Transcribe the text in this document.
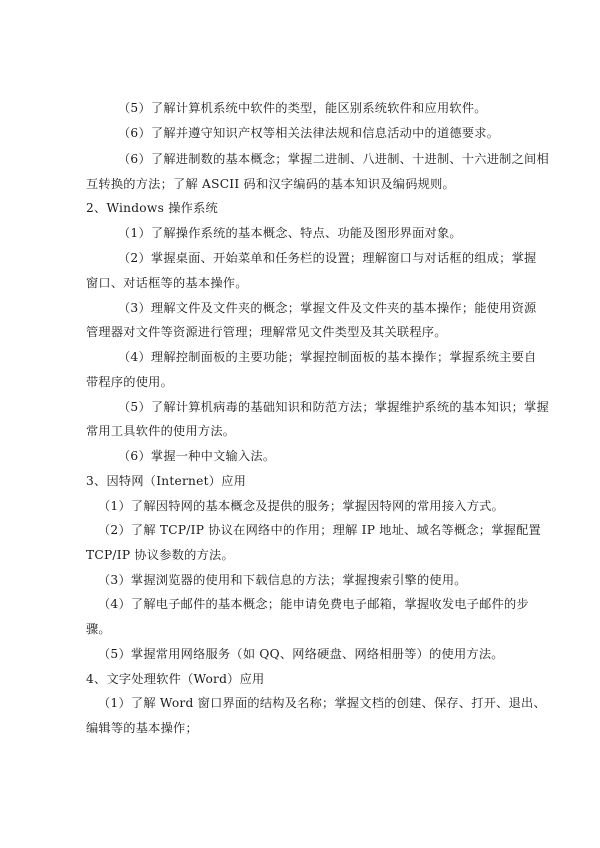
（5）了解计算机系统中软件的类型，能区别系统软件和应用软件。
（6）了解并遵守知识产权等相关法律法规和信息活动中的道德要求。
（6）了解进制数的基本概念；掌握二进制、八进制、十进制、十六进制之间相
互转换的方法；了解 ASCII 码和汉字编码的基本知识及编码规则。
2、Windows 操作系统
（1）了解操作系统的基本概念、特点、功能及图形界面对象。
（2）掌握桌面、开始菜单和任务栏的设置；理解窗口与对话框的组成；掌握
窗口、对话框等的基本操作。
（3）理解文件及文件夹的概念；掌握文件及文件夹的基本操作；能使用资源
管理器对文件等资源进行管理；理解常见文件类型及其关联程序。
（4）理解控制面板的主要功能；掌握控制面板的基本操作；掌握系统主要自
带程序的使用。
（5）了解计算机病毒的基础知识和防范方法；掌握维护系统的基本知识；掌握
常用工具软件的使用方法。
（6）掌握一种中文输入法。
3、因特网（Internet）应用
（1）了解因特网的基本概念及提供的服务；掌握因特网的常用接入方式。
（2）了解 TCP/IP 协议在网络中的作用；理解 IP 地址、域名等概念；掌握配置
TCP/IP 协议参数的方法。
（3）掌握浏览器的使用和下载信息的方法；掌握搜索引擎的使用。
（4）了解电子邮件的基本概念；能申请免费电子邮箱，掌握收发电子邮件的步
骤。
（5）掌握常用网络服务（如 QQ、网络硬盘、网络相册等）的使用方法。
4、文字处理软件（Word）应用
（1）了解 Word 窗口界面的结构及名称；掌握文档的创建、保存、打开、退出、
编辑等的基本操作；
